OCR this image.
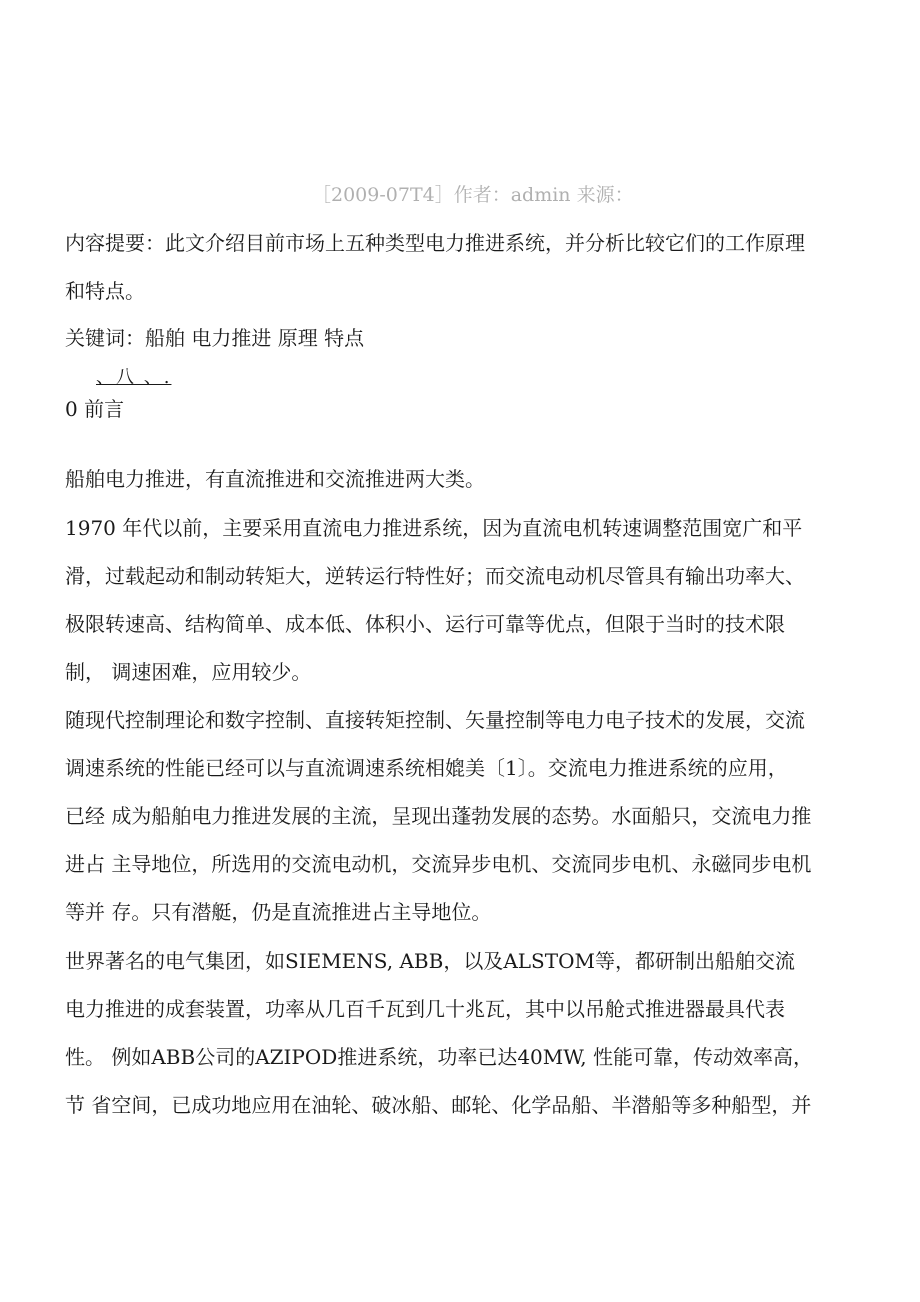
［2009-07T4］作者：admin 来源：
内容提要：此文介绍目前市场上五种类型电力推进系统，并分析比较它们的工作原理
和特点。
关键词：船舶 电力推进 原理 特点
、八 、.
0 前言
船舶电力推进，有直流推进和交流推进两大类。
1970 年代以前，主要采用直流电力推进系统，因为直流电机转速调整范围宽广和平
滑，过载起动和制动转矩大，逆转运行特性好；而交流电动机尽管具有输出功率大、
极限转速高、结构简单、成本低、体积小、运行可靠等优点，但限于当时的技术限
制， 调速困难，应用较少。
随现代控制理论和数字控制、直接转矩控制、矢量控制等电力电子技术的发展，交流
调速系统的性能已经可以与直流调速系统相媲美〔1〕。交流电力推进系统的应用，
已经 成为船舶电力推进发展的主流，呈现出蓬勃发展的态势。水面船只，交流电力推
进占 主导地位，所选用的交流电动机，交流异步电机、交流同步电机、永磁同步电机
等并 存。只有潜艇，仍是直流推进占主导地位。
世界著名的电气集团，如SIEMENS, ABB，以及ALSTOM等，都研制出船舶交流
电力推进的成套装置，功率从几百千瓦到几十兆瓦，其中以吊舱式推进器最具代表
性。 例如ABB公司的AZIPOD推进系统，功率已达40MW, 性能可靠，传动效率高，
节 省空间，已成功地应用在油轮、破冰船、邮轮、化学品船、半潜船等多种船型，并
